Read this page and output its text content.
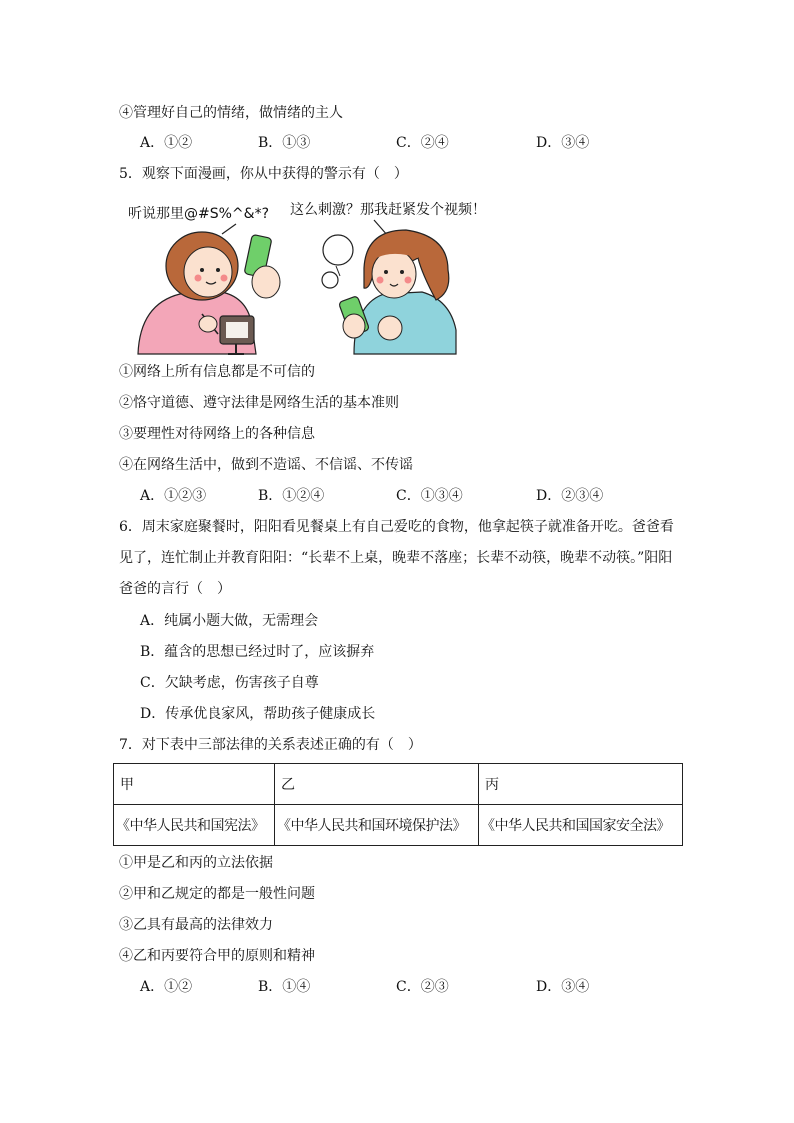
④管理好自己的情绪，做情绪的主人
A．①②	B．①③	C．②④	D．③④
5．观察下面漫画，你从中获得的警示有（　）
听说那里@#S%^&*? 这么刺激？那我赶紧发个视频！
①网络上所有信息都是不可信的
②恪守道德、遵守法律是网络生活的基本准则
③要理性对待网络上的各种信息
④在网络生活中，做到不造谣、不信谣、不传谣
A．①②③	B．①②④	C．①③④	D．②③④
6．周末家庭聚餐时，阳阳看见餐桌上有自己爱吃的食物，他拿起筷子就准备开吃。爸爸看
见了，连忙制止并教育阳阳：“长辈不上桌，晚辈不落座；长辈不动筷，晚辈不动筷。”阳阳
爸爸的言行（　）
A．纯属小题大做，无需理会
B．蕴含的思想已经过时了，应该摒弃
C．欠缺考虑，伤害孩子自尊
D．传承优良家风，帮助孩子健康成长
7．对下表中三部法律的关系表述正确的有（　）
甲	乙	丙
《中华人民共和国宪法》	《中华人民共和国环境保护法》	《中华人民共和国国家安全法》
①甲是乙和丙的立法依据
②甲和乙规定的都是一般性问题
③乙具有最高的法律效力
④乙和丙要符合甲的原则和精神
A．①②	B．①④	C．②③	D．③④
